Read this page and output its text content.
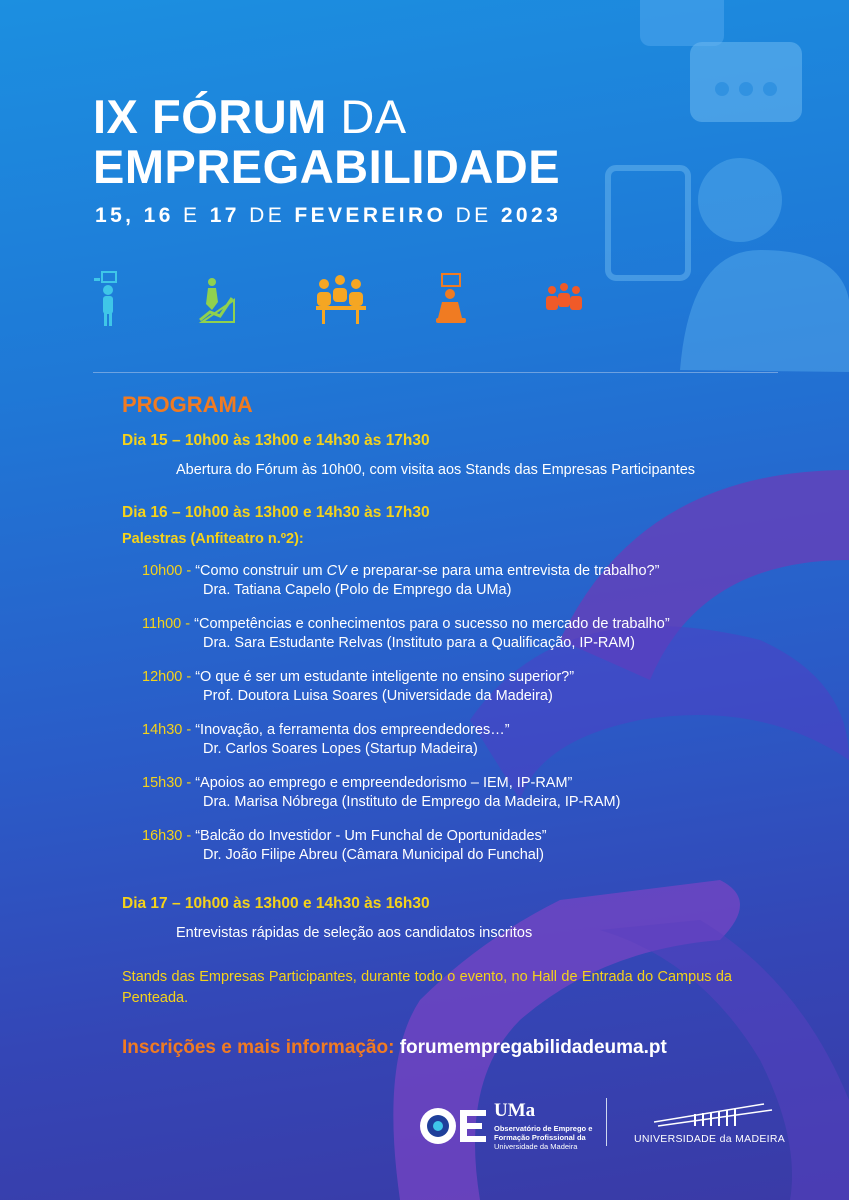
IX FÓRUM DA
EMPREGABILIDADE
15, 16 E 17 DE FEVEREIRO DE 2023
PROGRAMA
Dia 15 – 10h00 às 13h00 e 14h30 às 17h30
Abertura do Fórum às 10h00, com visita aos Stands das Empresas Participantes
Dia 16 – 10h00 às 13h00 e 14h30 às 17h30
Palestras (Anfiteatro n.º2):
10h00 - “Como construir um CV e preparar-se para uma entrevista de trabalho?”
Dra. Tatiana Capelo (Polo de Emprego da UMa)
11h00 - “Competências e conhecimentos para o sucesso no mercado de trabalho”
Dra. Sara Estudante Relvas (Instituto para a Qualificação, IP-RAM)
12h00 - “O que é ser um estudante inteligente no ensino superior?”
Prof. Doutora Luisa Soares (Universidade da Madeira)
14h30 - “Inovação, a ferramenta dos empreendedores…”
Dr. Carlos Soares Lopes (Startup Madeira)
15h30 - “Apoios ao emprego e empreendedorismo – IEM, IP-RAM”
Dra. Marisa Nóbrega (Instituto de Emprego da Madeira, IP-RAM)
16h30 - “Balcão do Investidor - Um Funchal de Oportunidades”
Dr. João Filipe Abreu (Câmara Municipal do Funchal)
Dia 17 – 10h00 às 13h00 e 14h30 às 16h30
Entrevistas rápidas de seleção aos candidatos inscritos
Stands das Empresas Participantes, durante todo o evento, no Hall de Entrada do Campus da Penteada.
Inscrições e mais informação: forumempregabilidadeuma.pt
UMa
Observatório de Emprego e
Formação Profissional da
Universidade da Madeira
UNIVERSIDADE da MADEIRA
